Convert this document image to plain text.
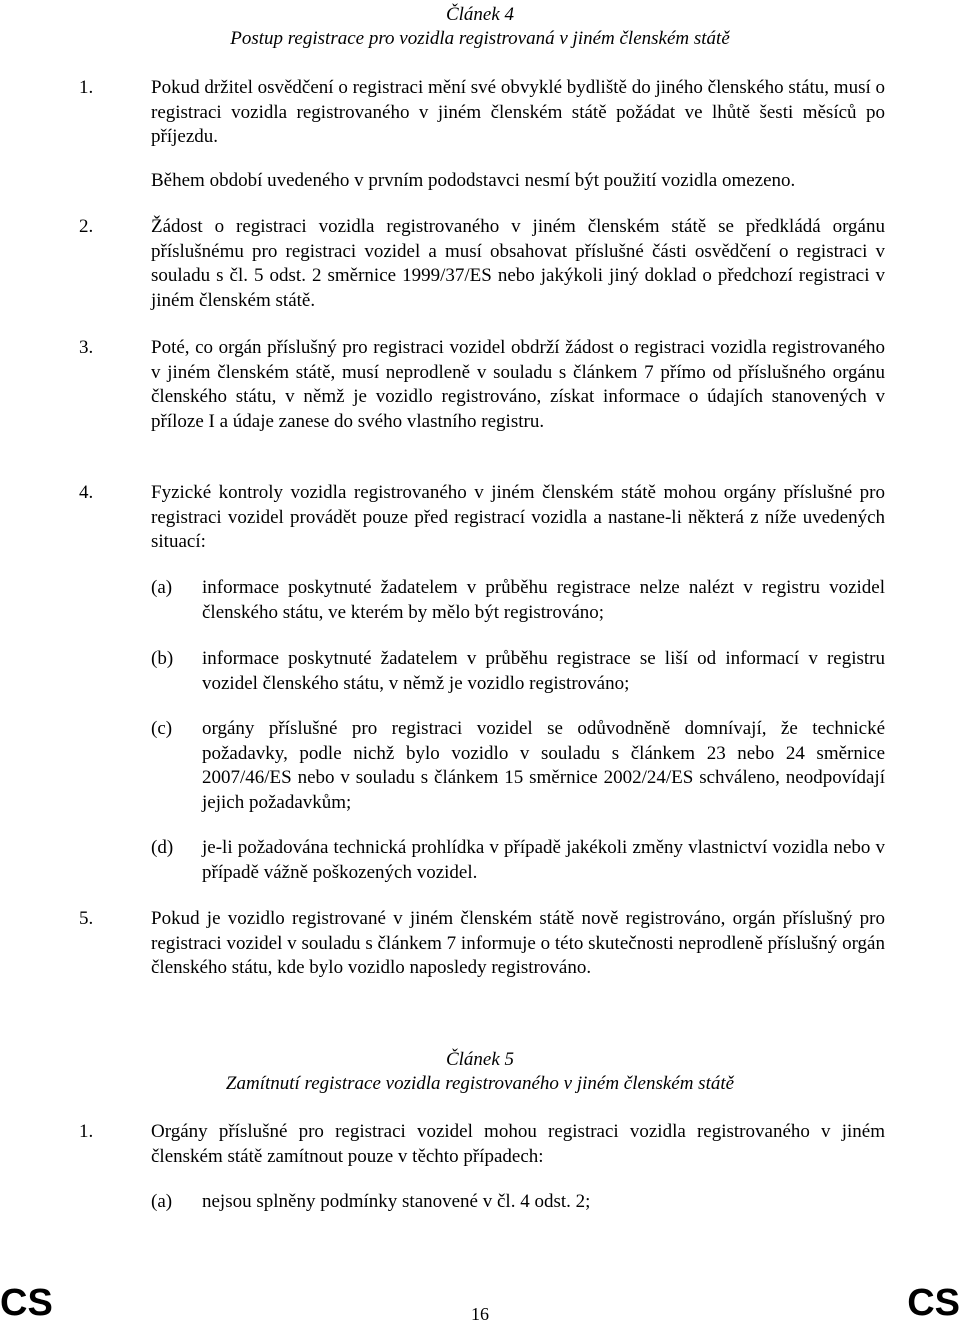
Článek 4
Postup registrace pro vozidla registrovaná v jiném členském státě
1.	Pokud držitel osvědčení o registraci mění své obvyklé bydliště do jiného členského státu, musí o registraci vozidla registrovaného v jiném členském státě požádat ve lhůtě šesti měsíců po příjezdu.
Během období uvedeného v prvním pododstavci nesmí být použití vozidla omezeno.
2.	Žádost o registraci vozidla registrovaného v jiném členském státě se předkládá orgánu příslušnému pro registraci vozidel a musí obsahovat příslušné části osvědčení o registraci v souladu s čl. 5 odst. 2 směrnice 1999/37/ES nebo jakýkoli jiný doklad o předchozí registraci v jiném členském státě.
3.	Poté, co orgán příslušný pro registraci vozidel obdrží žádost o registraci vozidla registrovaného v jiném členském státě, musí neprodleně v souladu s článkem 7 přímo od příslušného orgánu členského státu, v němž je vozidlo registrováno, získat informace o údajích stanovených v příloze I a údaje zanese do svého vlastního registru.
4.	Fyzické kontroly vozidla registrovaného v jiném členském státě mohou orgány příslušné pro registraci vozidel provádět pouze před registrací vozidla a nastane-li některá z níže uvedených situací:
(a) informace poskytnuté žadatelem v průběhu registrace nelze nalézt v registru vozidel členského státu, ve kterém by mělo být registrováno;
(b) informace poskytnuté žadatelem v průběhu registrace se liší od informací v registru vozidel členského státu, v němž je vozidlo registrováno;
(c) orgány příslušné pro registraci vozidel se odůvodněně domnívají, že technické požadavky, podle nichž bylo vozidlo v souladu s článkem 23 nebo 24 směrnice 2007/46/ES nebo v souladu s článkem 15 směrnice 2002/24/ES schváleno, neodpovídají jejich požadavkům;
(d) je-li požadována technická prohlídka v případě jakékoli změny vlastnictví vozidla nebo v případě vážně poškozených vozidel.
5.	Pokud je vozidlo registrované v jiném členském státě nově registrováno, orgán příslušný pro registraci vozidel v souladu s článkem 7 informuje o této skutečnosti neprodleně příslušný orgán členského státu, kde bylo vozidlo naposledy registrováno.
Článek 5
Zamítnutí registrace vozidla registrovaného v jiném členském státě
1.	Orgány příslušné pro registraci vozidel mohou registraci vozidla registrovaného v jiném členském státě zamítnout pouze v těchto případech:
(a) nejsou splněny podmínky stanovené v čl. 4 odst. 2;
CS	16	CS
